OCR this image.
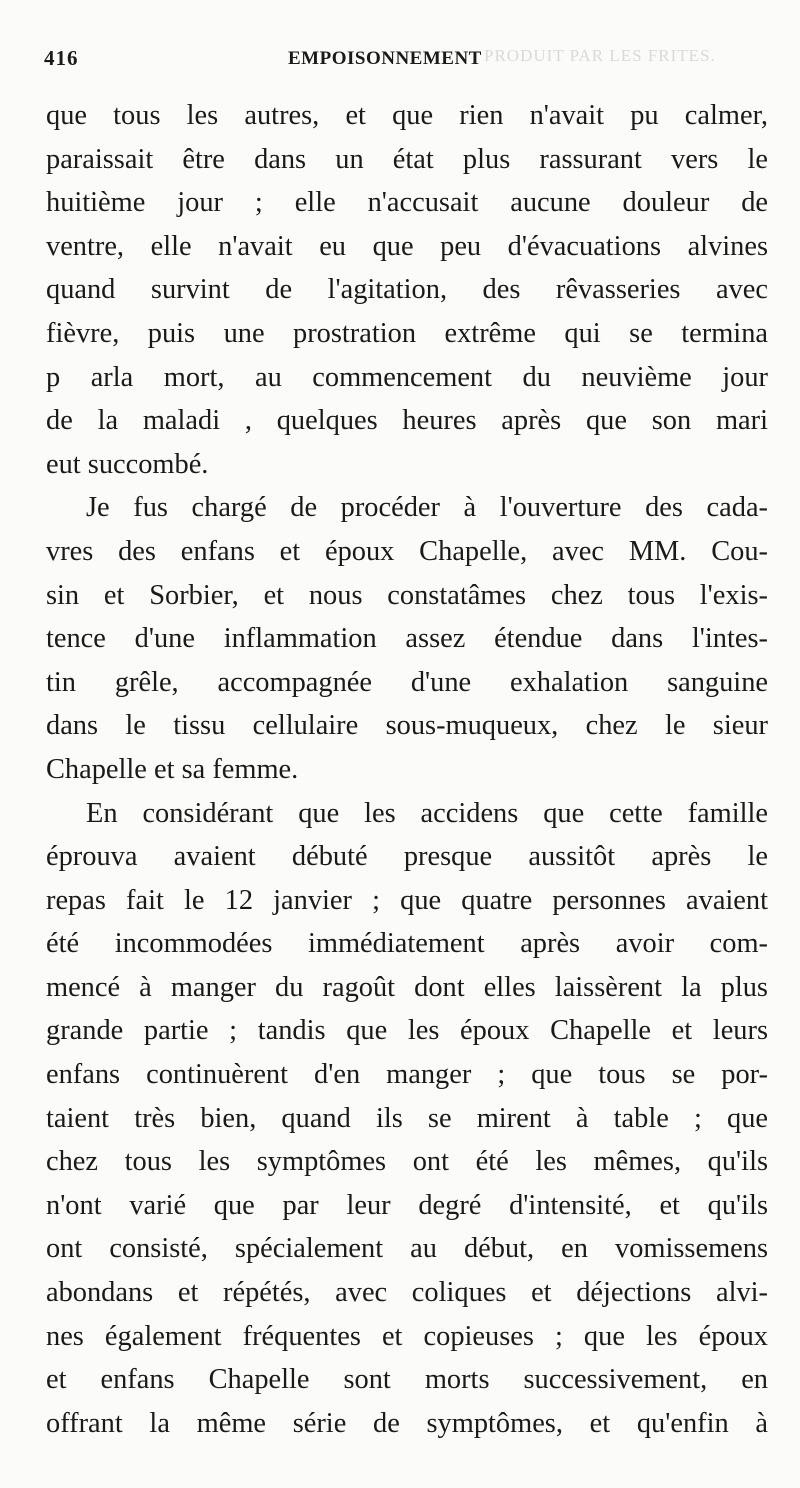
416	EMPOISONNEMENT PRODUIT PAR LES FRITES.
que tous les autres, et que rien n'avait pu calmer,
paraissait être dans un état plus rassurant vers le
huitième jour ; elle n'accusait aucune douleur de
ventre, elle n'avait eu que peu d'évacuations alvines
quand survint de l'agitation, des rêvasseries avec
fièvre, puis une prostration extrême qui se termina
p arla mort, au commencement du neuvième jour
de la maladi , quelques heures après que son mari
eut succombé.
Je fus chargé de procéder à l'ouverture des cada-
vres des enfans et époux Chapelle, avec MM. Cou-
sin et Sorbier, et nous constatâmes chez tous l'exis-
tence d'une inflammation assez étendue dans l'intes-
tin grêle, accompagnée d'une exhalation sanguine
dans le tissu cellulaire sous-muqueux, chez le sieur
Chapelle et sa femme.
En considérant que les accidens que cette famille
éprouva avaient débuté presque aussitôt après le
repas fait le 12 janvier ; que quatre personnes avaient
été incommodées immédiatement après avoir com-
mencé à manger du ragoût dont elles laissèrent la plus
grande partie ; tandis que les époux Chapelle et leurs
enfans continuèrent d'en manger ; que tous se por-
taient très bien, quand ils se mirent à table ; que
chez tous les symptômes ont été les mêmes, qu'ils
n'ont varié que par leur degré d'intensité, et qu'ils
ont consisté, spécialement au début, en vomissemens
abondans et répétés, avec coliques et déjections alvi-
nes également fréquentes et copieuses ; que les époux
et enfans Chapelle sont morts successivement, en
offrant la même série de symptômes, et qu'enfin à
